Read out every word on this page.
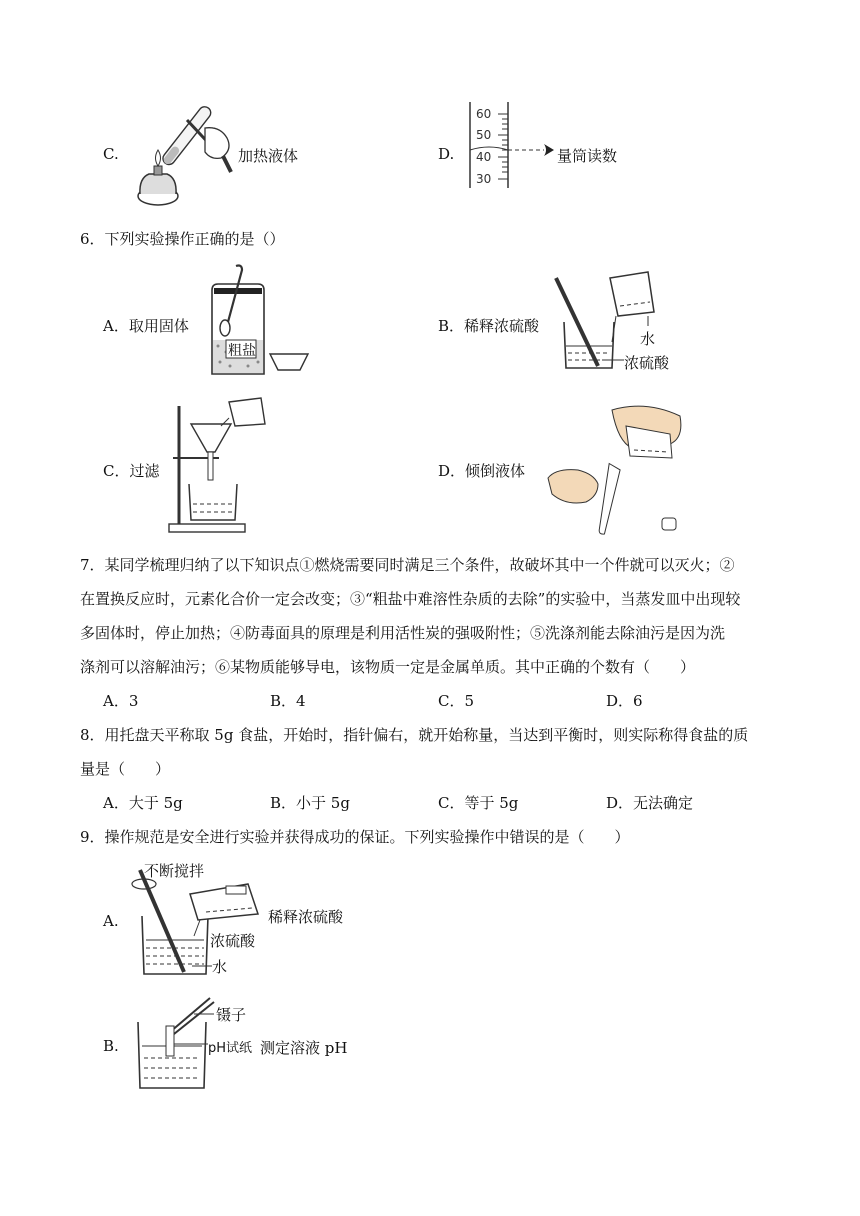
C.	加热液体	D.
60
50
40
30
量筒读数
6．下列实验操作正确的是（）
A．取用固体
粗盐
B．稀释浓硫酸
水
浓硫酸
C．过滤	D．倾倒液体
7．某同学梳理归纳了以下知识点①燃烧需要同时满足三个条件，故破坏其中一个件就可以灭火；②
在置换反应时，元素化合价一定会改变；③“粗盐中难溶性杂质的去除”的实验中，当蒸发皿中出现较
多固体时，停止加热；④防毒面具的原理是利用活性炭的强吸附性；⑤洗涤剂能去除油污是因为洗
涤剂可以溶解油污；⑥某物质能够导电，该物质一定是金属单质。其中正确的个数有（　　）
A．3	B．4	C．5	D．6
8．用托盘天平称取 5g 食盐，开始时，指针偏右，就开始称量，当达到平衡时，则实际称得食盐的质
量是（　　）
A．大于 5g	B．小于 5g	C．等于 5g	D．无法确定
9．操作规范是安全进行实验并获得成功的保证。下列实验操作中错误的是（　　）
A.
不断搅拌
稀释浓硫酸
浓硫酸
水
B.
镊子
pH试纸 测定溶液 pH
